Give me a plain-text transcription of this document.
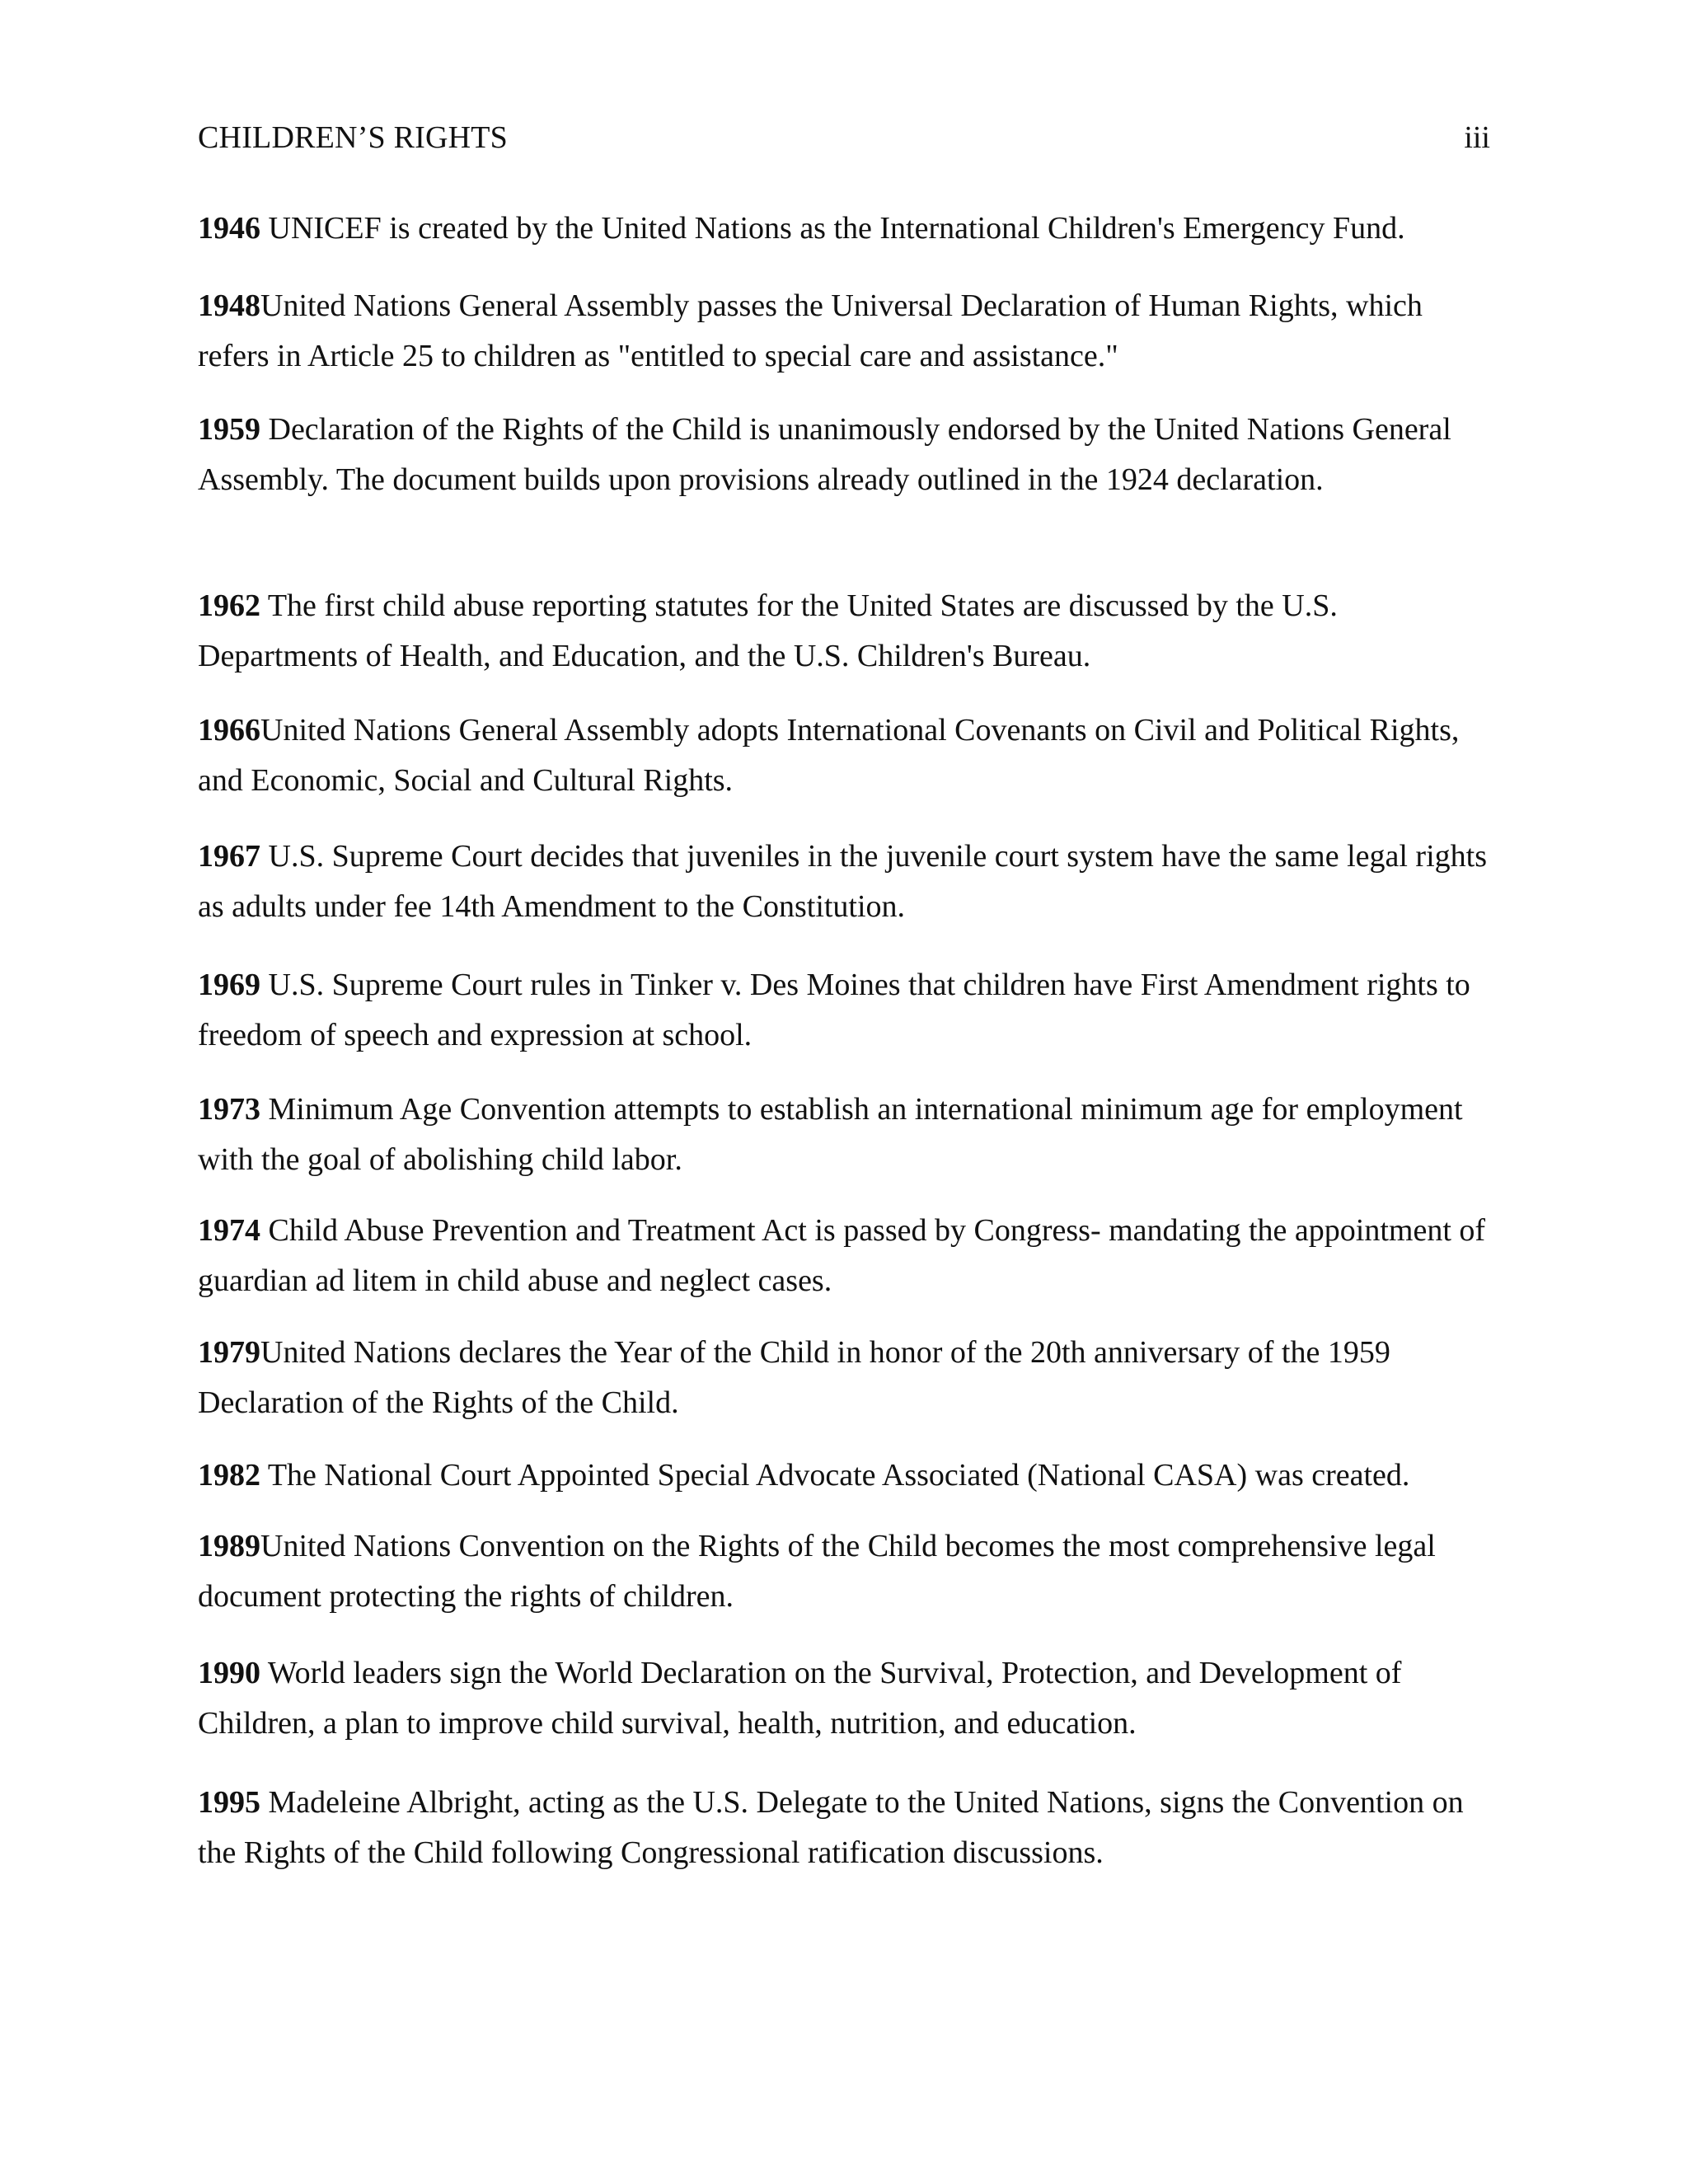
CHILDREN’S RIGHTS	iii

1946 UNICEF is created by the United Nations as the International Children's Emergency Fund.

1948United Nations General Assembly passes the Universal Declaration of Human Rights, which refers in Article 25 to children as "entitled to special care and assistance."

1959 Declaration of the Rights of the Child is unanimously endorsed by the United Nations General Assembly. The document builds upon provisions already outlined in the 1924 declaration.

1962 The first child abuse reporting statutes for the United States are discussed by the U.S. Departments of Health, and Education, and the U.S. Children's Bureau.

1966United Nations General Assembly adopts International Covenants on Civil and Political Rights, and Economic, Social and Cultural Rights.

1967 U.S. Supreme Court decides that juveniles in the juvenile court system have the same legal rights as adults under fee 14th Amendment to the Constitution.

1969 U.S. Supreme Court rules in Tinker v. Des Moines that children have First Amendment rights to freedom of speech and expression at school.

1973 Minimum Age Convention attempts to establish an international minimum age for employment with the goal of abolishing child labor.

1974 Child Abuse Prevention and Treatment Act is passed by Congress- mandating the appointment of guardian ad litem in child abuse and neglect cases.

1979United Nations declares the Year of the Child in honor of the 20th anniversary of the 1959 Declaration of the Rights of the Child.

1982 The National Court Appointed Special Advocate Associated (National CASA) was created.

1989United Nations Convention on the Rights of the Child becomes the most comprehensive legal document protecting the rights of children.

1990 World leaders sign the World Declaration on the Survival, Protection, and Development of Children, a plan to improve child survival, health, nutrition, and education.

1995 Madeleine Albright, acting as the U.S. Delegate to the United Nations, signs the Convention on the Rights of the Child following Congressional ratification discussions.
